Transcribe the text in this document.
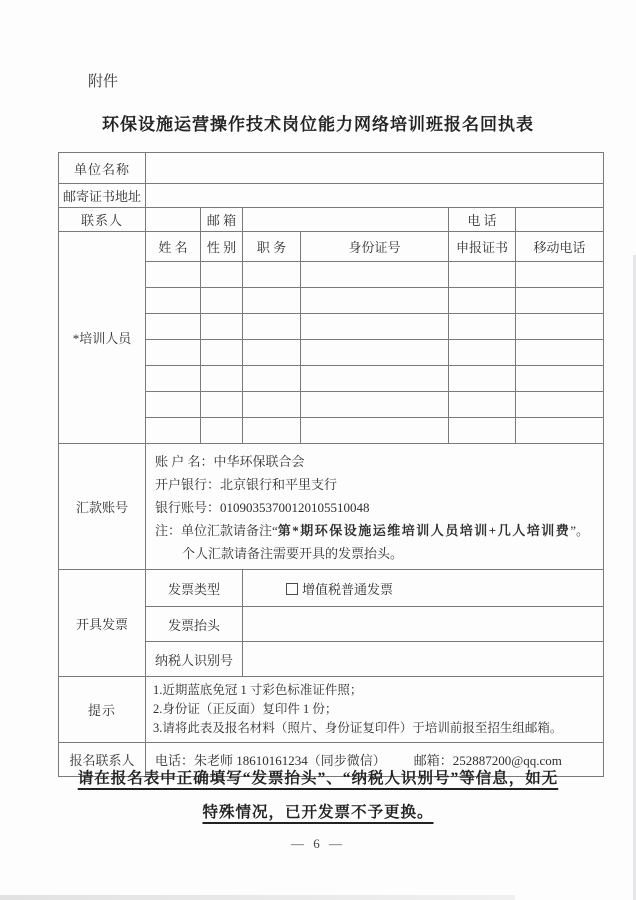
附件
环保设施运营操作技术岗位能力网络培训班报名回执表
单位名称						
邮寄证书地址						
联系人		邮 箱			电 话	
*培训人员	姓 名	性 别	职 务	身份证号	申报证书	移动电话

汇款账号	账 户 名：中华环保联合会
开户银行：北京银行和平里支行
银行账号：01090353700120105510048
注：单位汇款请备注“第*期环保设施运维培训人员培训+几人培训费”。
个人汇款请备注需要开具的发票抬头。					

开具发票	发票类型		增值税普通发票			
	发票抬头					
	纳税人识别号					
提示	1.近期蓝底免冠 1 寸彩色标准证件照；
2.身份证（正反面）复印件 1 份；
3.请将此表及报名材料（照片、身份证复印件）于培训前报至招生组邮箱。					

报名联系人	电话：朱老师 18610161234（同步微信） 邮箱：252887200@qq.com					
请在报名表中正确填写“发票抬头”、“纳税人识别号”等信息，如无
特殊情况，已开发票不予更换。
— 6 —
